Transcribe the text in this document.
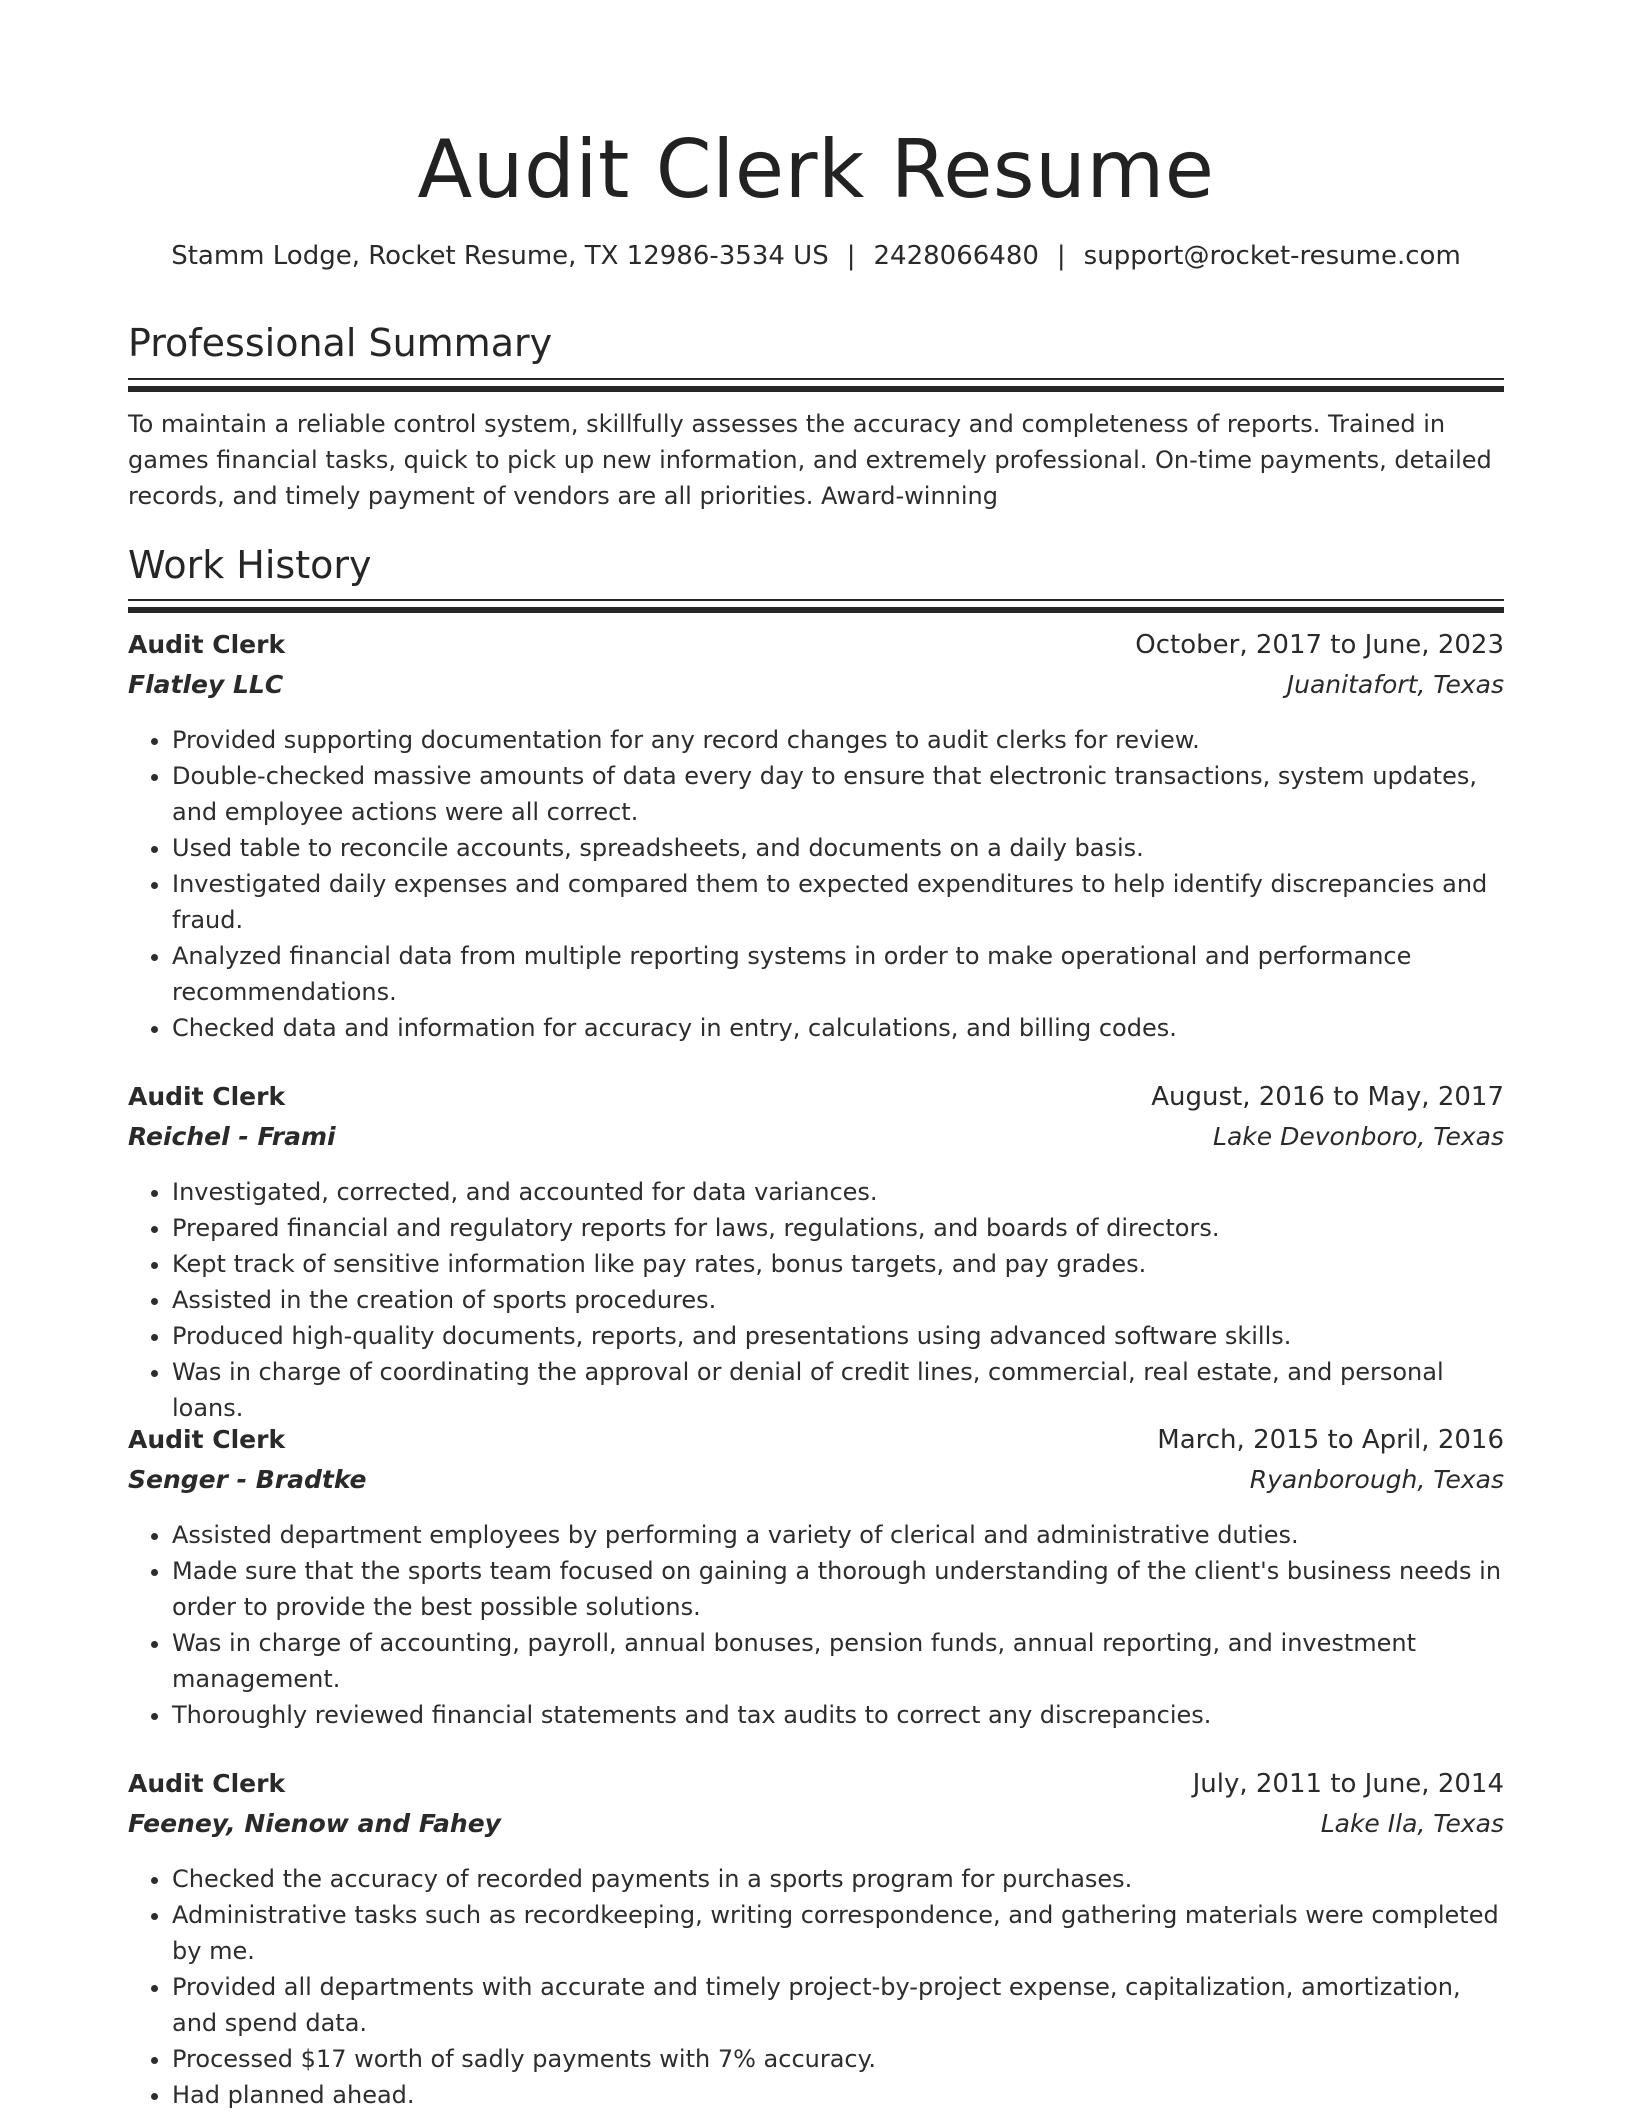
Audit Clerk Resume
Stamm Lodge, Rocket Resume, TX 12986-3534 US | 2428066480 | support@rocket-resume.com
Professional Summary

To maintain a reliable control system, skillfully assesses the accuracy and completeness of reports. Trained in games financial tasks, quick to pick up new information, and extremely professional. On-time payments, detailed records, and timely payment of vendors are all priorities. Award-winning

Work History
Audit Clerk	October, 2017 to June, 2023
Flatley LLC	Juanitafort, Texas
• Provided supporting documentation for any record changes to audit clerks for review.
• Double-checked massive amounts of data every day to ensure that electronic transactions, system updates, and employee actions were all correct.
• Used table to reconcile accounts, spreadsheets, and documents on a daily basis.
• Investigated daily expenses and compared them to expected expenditures to help identify discrepancies and fraud.
• Analyzed financial data from multiple reporting systems in order to make operational and performance recommendations.
• Checked data and information for accuracy in entry, calculations, and billing codes.
Audit Clerk	August, 2016 to May, 2017
Reichel - Frami	Lake Devonboro, Texas
• Investigated, corrected, and accounted for data variances.
• Prepared financial and regulatory reports for laws, regulations, and boards of directors.
• Kept track of sensitive information like pay rates, bonus targets, and pay grades.
• Assisted in the creation of sports procedures.
• Produced high-quality documents, reports, and presentations using advanced software skills.
• Was in charge of coordinating the approval or denial of credit lines, commercial, real estate, and personal loans.
Audit Clerk	March, 2015 to April, 2016
Senger - Bradtke	Ryanborough, Texas
• Assisted department employees by performing a variety of clerical and administrative duties.
• Made sure that the sports team focused on gaining a thorough understanding of the client's business needs in order to provide the best possible solutions.
• Was in charge of accounting, payroll, annual bonuses, pension funds, annual reporting, and investment management.
• Thoroughly reviewed financial statements and tax audits to correct any discrepancies.
Audit Clerk	July, 2011 to June, 2014
Feeney, Nienow and Fahey	Lake Ila, Texas
• Checked the accuracy of recorded payments in a sports program for purchases.
• Administrative tasks such as recordkeeping, writing correspondence, and gathering materials were completed by me.
• Provided all departments with accurate and timely project-by-project expense, capitalization, amortization, and spend data.
• Processed $17 worth of sadly payments with 7% accuracy.
• Had planned ahead.
